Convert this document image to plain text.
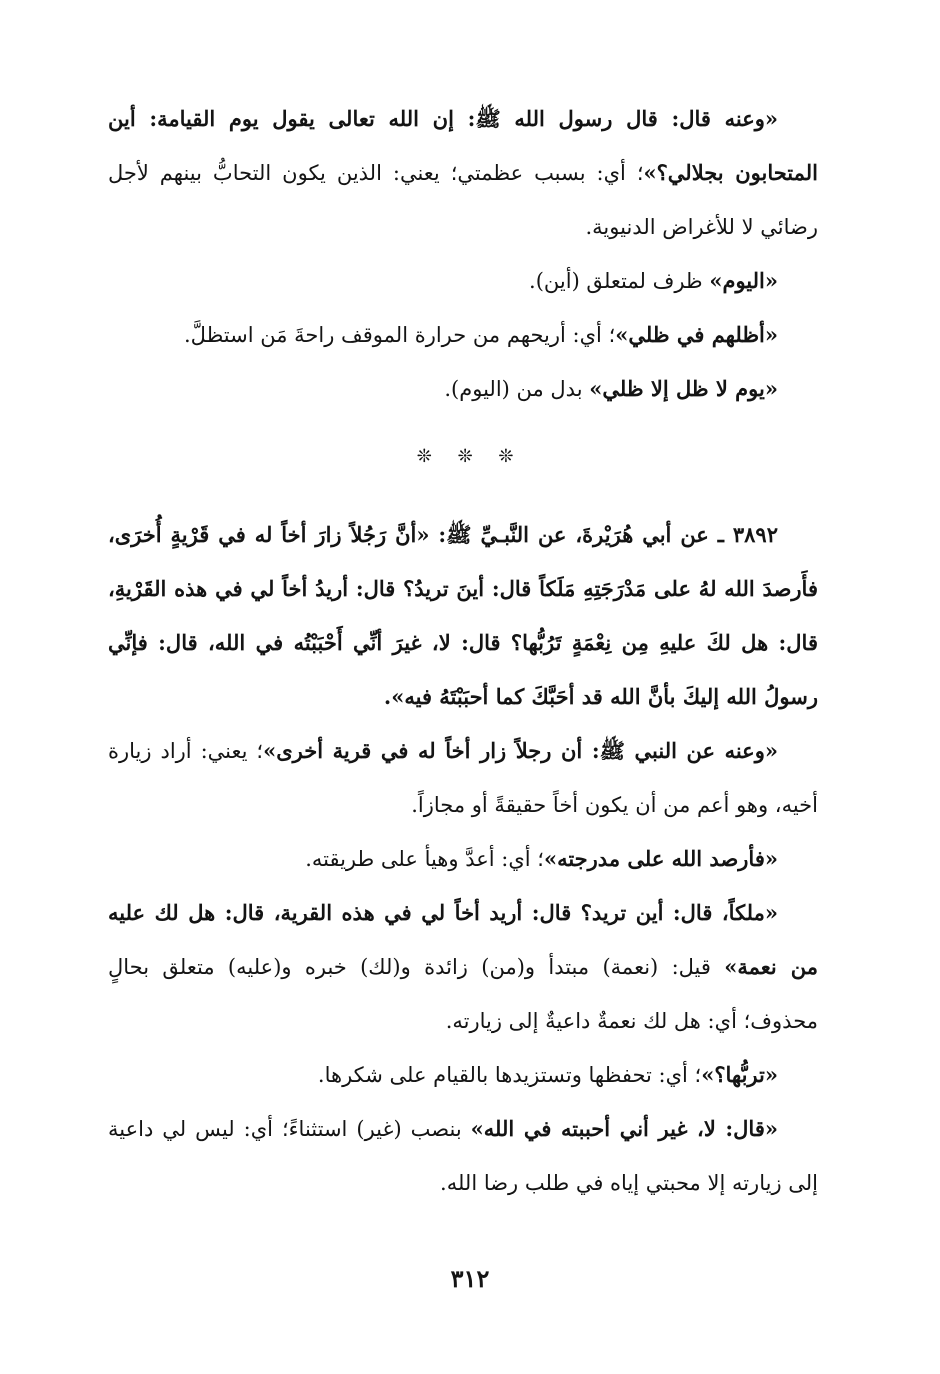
«وعنه قال: قال رسول الله ﷺ: إن الله تعالى يقول يوم القيامة: أين المتحابون بجلالي؟»؛ أي: بسبب عظمتي؛ يعني: الذين يكون التحابُّ بينهم لأجل رضائي لا للأغراض الدنيوية.

«اليوم» ظرف لمتعلق (أين).

«أظلهم في ظلي»؛ أي: أريحهم من حرارة الموقف راحةَ مَن استظلَّ.

«يوم لا ظل إلا ظلي» بدل من (اليوم).

❊ ❊ ❊

٣٨٩٢ ـ عن أبي هُرَيْرةَ، عن النَّبـيِّ ﷺ: «أنَّ رَجُلاً زارَ أخاً له في قَرْيةٍ أُخرَى، فأَرصدَ الله لهُ على مَدْرَجَتِهِ مَلَكاً قال: أينَ تريدُ؟ قال: أريدُ أخاً لي في هذه القَرْيةِ، قال: هل لكَ عليهِ مِن نِعْمَةٍ تَرُبُّها؟ قال: لا، غيرَ أنِّي أَحْبَبْتُه في الله، قال: فإنِّي رسولُ الله إليكَ بأنَّ الله قد أحَبَّكَ كما أحبَبْتَهُ فيه».

«وعنه عن النبي ﷺ: أن رجلاً زار أخاً له في قرية أخرى»؛ يعني: أراد زيارة أخيه، وهو أعم من أن يكون أخاً حقيقةً أو مجازاً.

«فأرصد الله على مدرجته»؛ أي: أعدَّ وهيأ على طريقته.

«ملكاً، قال: أين تريد؟ قال: أريد أخاً لي في هذه القرية، قال: هل لك عليه من نعمة» قيل: (نعمة) مبتدأ و(من) زائدة و(لك) خبره و(عليه) متعلق بحالٍ محذوف؛ أي: هل لك نعمةٌ داعيةٌ إلى زيارته.

«تربُّها؟»؛ أي: تحفظها وتستزيدها بالقيام على شكرها.

«قال: لا، غير أني أحببته في الله» بنصب (غير) استثناءً؛ أي: ليس لي داعية إلى زيارته إلا محبتي إياه في طلب رضا الله.

٣١٢
